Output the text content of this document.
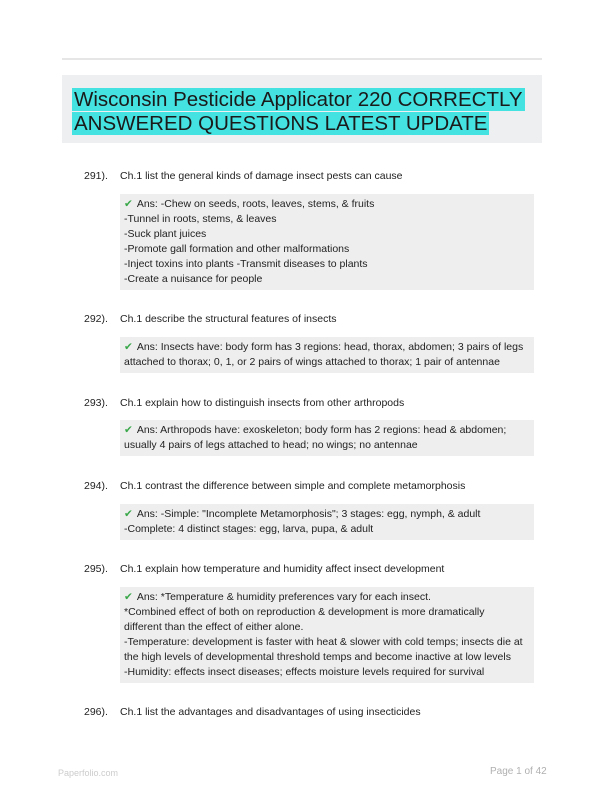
Wisconsin Pesticide Applicator 220 CORRECTLY
ANSWERED QUESTIONS LATEST UPDATE
291). Ch.1 list the general kinds of damage insect pests can cause
✔ Ans: -Chew on seeds, roots, leaves, stems, & fruits
-Tunnel in roots, stems, & leaves
-Suck plant juices
-Promote gall formation and other malformations
-Inject toxins into plants -Transmit diseases to plants
-Create a nuisance for people
292). Ch.1 describe the structural features of insects
✔ Ans: Insects have: body form has 3 regions: head, thorax, abdomen; 3 pairs of legs
attached to thorax; 0, 1, or 2 pairs of wings attached to thorax; 1 pair of antennae
293). Ch.1 explain how to distinguish insects from other arthropods
✔ Ans: Arthropods have: exoskeleton; body form has 2 regions: head & abdomen;
usually 4 pairs of legs attached to head; no wings; no antennae
294). Ch.1 contrast the difference between simple and complete metamorphosis
✔ Ans: -Simple: "Incomplete Metamorphosis"; 3 stages: egg, nymph, & adult
-Complete: 4 distinct stages: egg, larva, pupa, & adult
295). Ch.1 explain how temperature and humidity affect insect development
✔ Ans: *Temperature & humidity preferences vary for each insect.
*Combined effect of both on reproduction & development is more dramatically
different than the effect of either alone.
-Temperature: development is faster with heat & slower with cold temps; insects die at
the high levels of developmental threshold temps and become inactive at low levels
-Humidity: effects insect diseases; effects moisture levels required for survival
296). Ch.1 list the advantages and disadvantages of using insecticides
Paperfolio.com	Page 1 of 42
